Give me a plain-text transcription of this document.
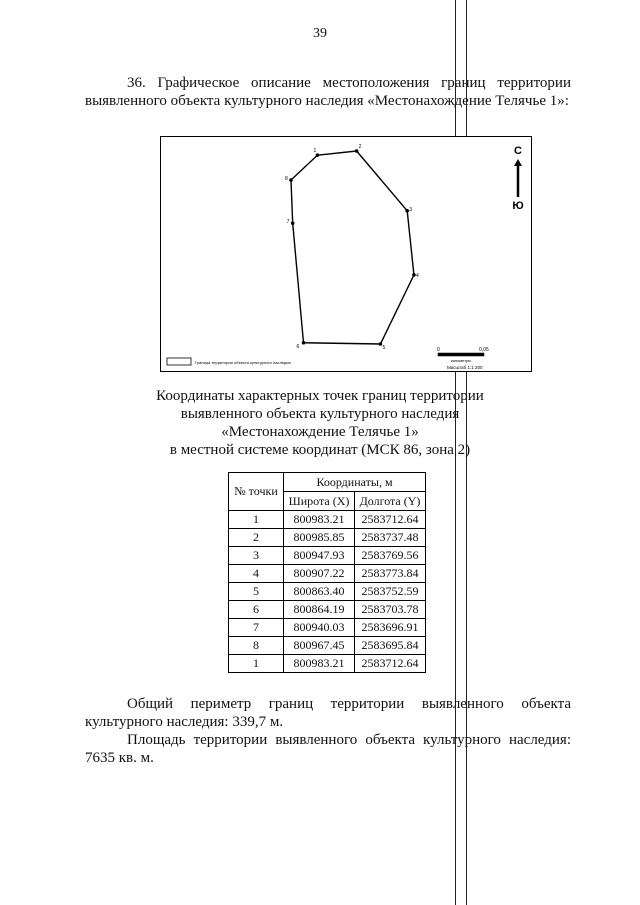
39
36. Графическое описание местоположения границ территории выявленного объекта культурного наследия «Местонахождение Телячье 1»:
1
2
3
4
5
6
7
8
С
Ю
Граница территории объекта культурного наследия
0	0,05
километры
Масштаб 1:1 200
Координаты характерных точек границ территории
выявленного объекта культурного наследия
«Местонахождение Телячье 1»
в местной системе координат (МСК 86, зона 2)
№ точки	Координаты, м	
	Широта (X)	Долгота (Y)
1	800983.21	2583712.64
2	800985.85	2583737.48
3	800947.93	2583769.56
4	800907.22	2583773.84
5	800863.40	2583752.59
6	800864.19	2583703.78
7	800940.03	2583696.91
8	800967.45	2583695.84
1	800983.21	2583712.64
Общий периметр границ территории выявленного объекта культурного наследия: 339,7 м.
Площадь территории выявленного объекта культурного наследия: 7635 кв. м.
